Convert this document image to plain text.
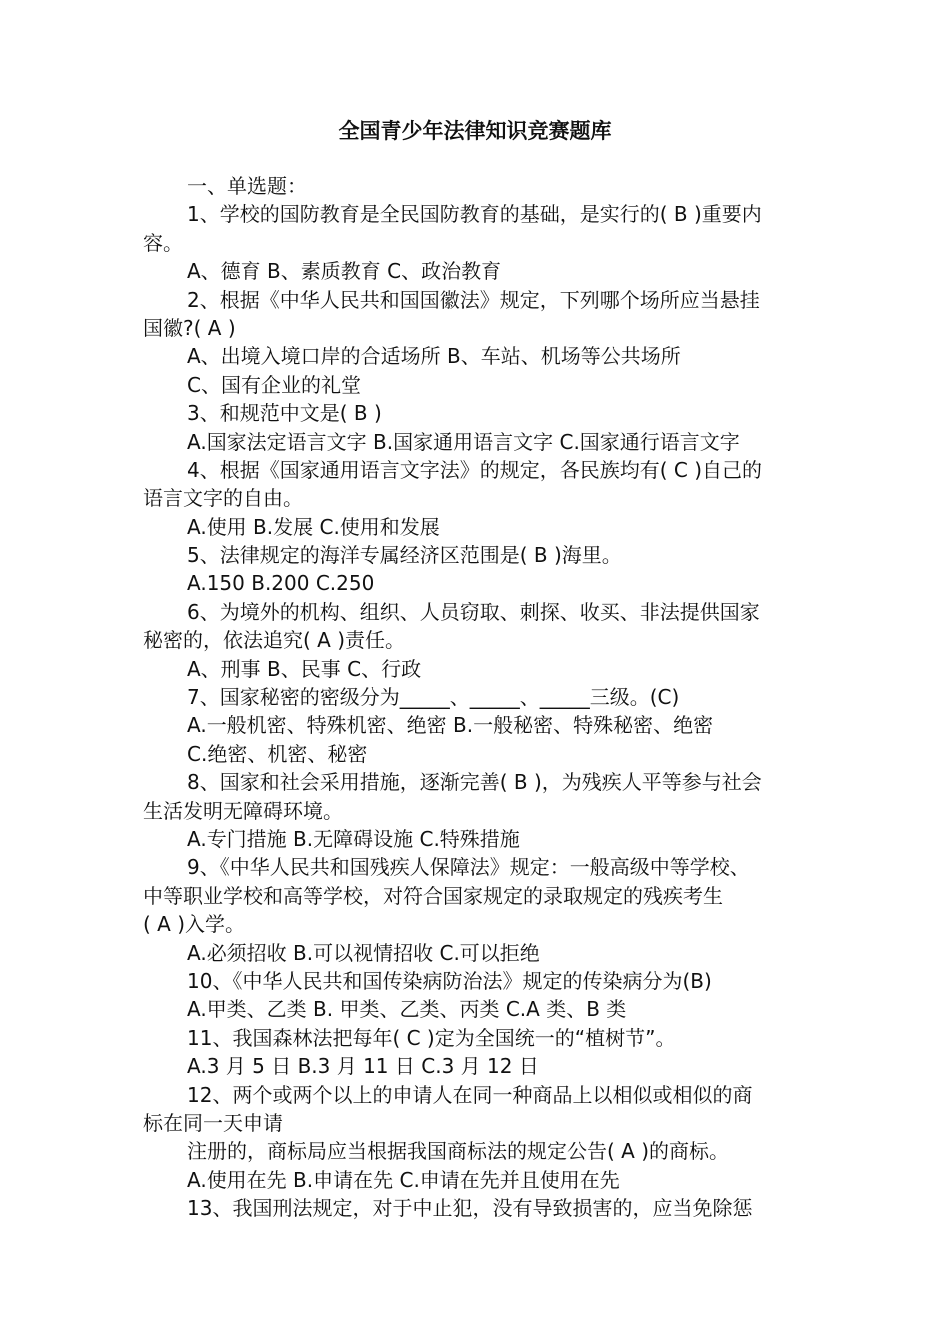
全国青少年法律知识竞赛题库
一、单选题：
1、学校的国防教育是全民国防教育的基础，是实行的( B )重要内
容。
A、德育 B、素质教育 C、政治教育
2、根据《中华人民共和国国徽法》规定，下列哪个场所应当悬挂
国徽?( A )
A、出境入境口岸的合适场所 B、车站、机场等公共场所
C、国有企业的礼堂
3、和规范中文是( B )
A.国家法定语言文字 B.国家通用语言文字 C.国家通行语言文字
4、根据《国家通用语言文字法》的规定，各民族均有( C )自己的
语言文字的自由。
A.使用 B.发展 C.使用和发展
5、法律规定的海洋专属经济区范围是( B )海里。
A.150 B.200 C.250
6、为境外的机构、组织、人员窃取、刺探、收买、非法提供国家
秘密的，依法追究( A )责任。
A、刑事 B、民事 C、行政
7、国家秘密的密级分为_____、_____、_____三级。(C)
A.一般机密、特殊机密、绝密 B.一般秘密、特殊秘密、绝密
C.绝密、机密、秘密
8、国家和社会采用措施，逐渐完善( B )，为残疾人平等参与社会
生活发明无障碍环境。
A.专门措施 B.无障碍设施 C.特殊措施
9、《中华人民共和国残疾人保障法》规定：一般高级中等学校、
中等职业学校和高等学校，对符合国家规定的录取规定的残疾考生
( A )入学。
A.必须招收 B.可以视情招收 C.可以拒绝
10、《中华人民共和国传染病防治法》规定的传染病分为(B)
A.甲类、乙类 B. 甲类、乙类、丙类 C.A 类、B 类
11、我国森林法把每年( C )定为全国统一的“植树节”。
A.3 月 5 日 B.3 月 11 日 C.3 月 12 日
12、两个或两个以上的申请人在同一种商品上以相似或相似的商
标在同一天申请
注册的，商标局应当根据我国商标法的规定公告( A )的商标。
A.使用在先 B.申请在先 C.申请在先并且使用在先
13、我国刑法规定，对于中止犯，没有导致损害的，应当免除惩
